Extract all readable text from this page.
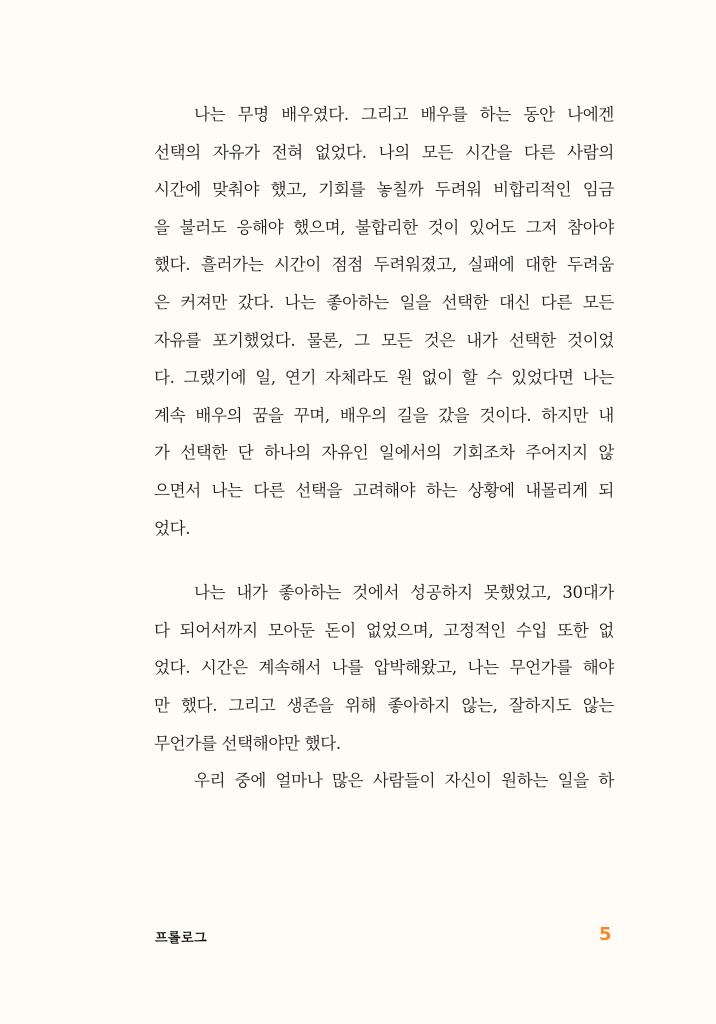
나는 무명 배우였다. 그리고 배우를 하는 동안 나에겐
선택의 자유가 전혀 없었다. 나의 모든 시간을 다른 사람의
시간에 맞춰야 했고, 기회를 놓칠까 두려워 비합리적인 임금
을 불러도 응해야 했으며, 불합리한 것이 있어도 그저 참아야
했다. 흘러가는 시간이 점점 두려워졌고, 실패에 대한 두려움
은 커져만 갔다. 나는 좋아하는 일을 선택한 대신 다른 모든
자유를 포기했었다. 물론, 그 모든 것은 내가 선택한 것이었
다. 그랬기에 일, 연기 자체라도 원 없이 할 수 있었다면 나는
계속 배우의 꿈을 꾸며, 배우의 길을 갔을 것이다. 하지만 내
가 선택한 단 하나의 자유인 일에서의 기회조차 주어지지 않
으면서 나는 다른 선택을 고려해야 하는 상황에 내몰리게 되
었다.
나는 내가 좋아하는 것에서 성공하지 못했었고, 30대가
다 되어서까지 모아둔 돈이 없었으며, 고정적인 수입 또한 없
었다. 시간은 계속해서 나를 압박해왔고, 나는 무언가를 해야
만 했다. 그리고 생존을 위해 좋아하지 않는, 잘하지도 않는
무언가를 선택해야만 했다.
우리 중에 얼마나 많은 사람들이 자신이 원하는 일을 하
프롤로그	5
